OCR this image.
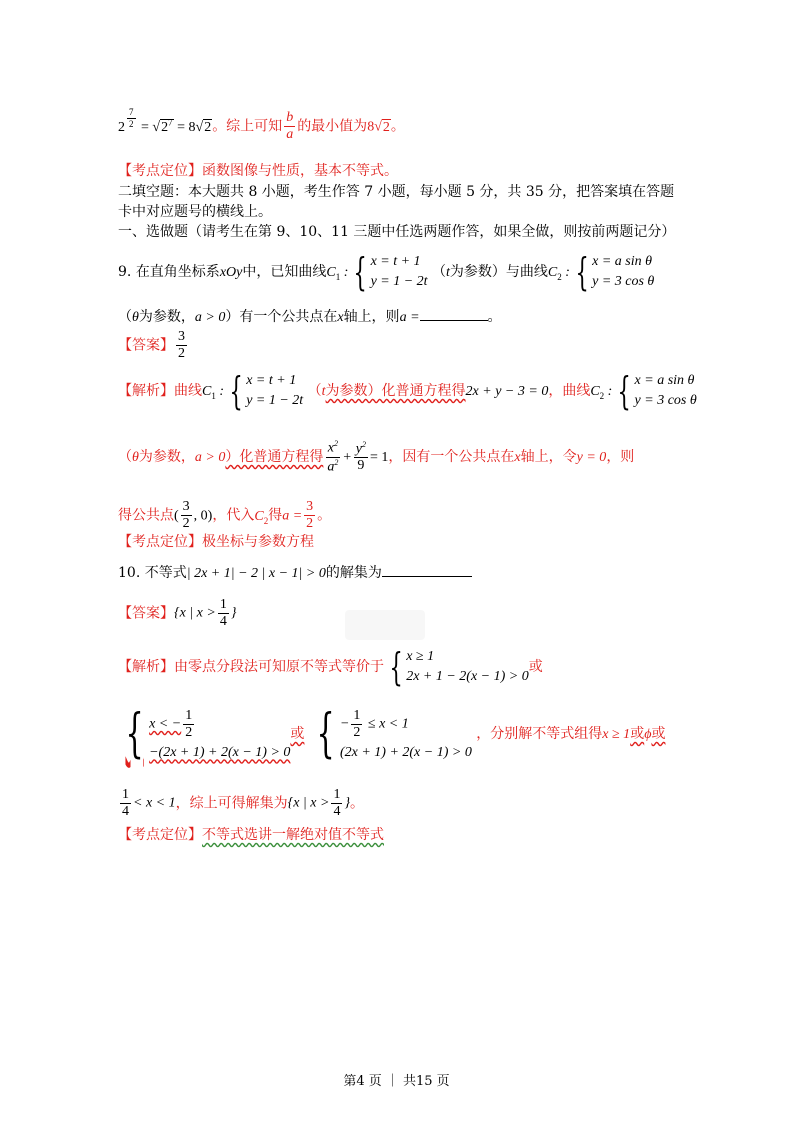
2 $^{\frac{7}{2}} = √2^7 = 8√2$。综上可知 $\frac{b}{a}$ 的最小值为8√2。
【考点定位】函数图像与性质，基本不等式。
二填空题：本大题共 8 小题，考生作答 7 小题，每小题 5 分，共 35 分，把答案填在答题
卡中对应题号的横线上。
一、选做题（请考生在第 9、10、11 三题中任选两题作答，如果全做，则按前两题记分）
9. 在直角坐标系xOy中，已知曲线$C_1$ : { x = t + 1
y = 1 − 2t
（t为参数）与曲线$C_2$ : { x = a sin θ
y = 3 cos θ
（θ为参数，a > 0）有一个公共点在x轴上，则a =	。
【答案】 $\frac{3}{2}$
【解析】曲线$C_1$ : { x = t + 1
y = 1 − 2t
（t为参数）化普通方程得2x + y − 3 = 0，曲线$C_2$ : { x = a sin θ
y = 3 cos θ
（θ为参数，a > 0）化普通方程得 $\frac{x^2}{a^2} + \frac{y^2}{9} = 1$，因有一个公共点在x轴上，令y = 0，则
得公共点( $\frac{3}{2}$ , 0)，代入$C_2$得$a = \frac{3}{2}$ 。
【考点定位】极坐标与参数方程
10. 不等式| 2x + 1| − 2 | x − 1| > 0的解集为
【答案】{x | $x > \frac{1}{4}$ }
【解析】由零点分段法可知原不等式等价于 { x ≥ 1
2x + 1 − 2(x − 1) > 0
或
{ x < − $\frac{1}{2}$
−(2x + 1) + 2(x − 1) > 0
或 { − $\frac{1}{2} \le x < 1$
(2x + 1) + 2(x − 1) > 0
，分别解不等式组得x ≥ 1或ϕ或
$\frac{1}{4} < x < 1$，综上可得解集为{x | $x > \frac{1}{4}$ }。
【考点定位】不等式选讲一解绝对值不等式
第4 页 ｜ 共15 页
